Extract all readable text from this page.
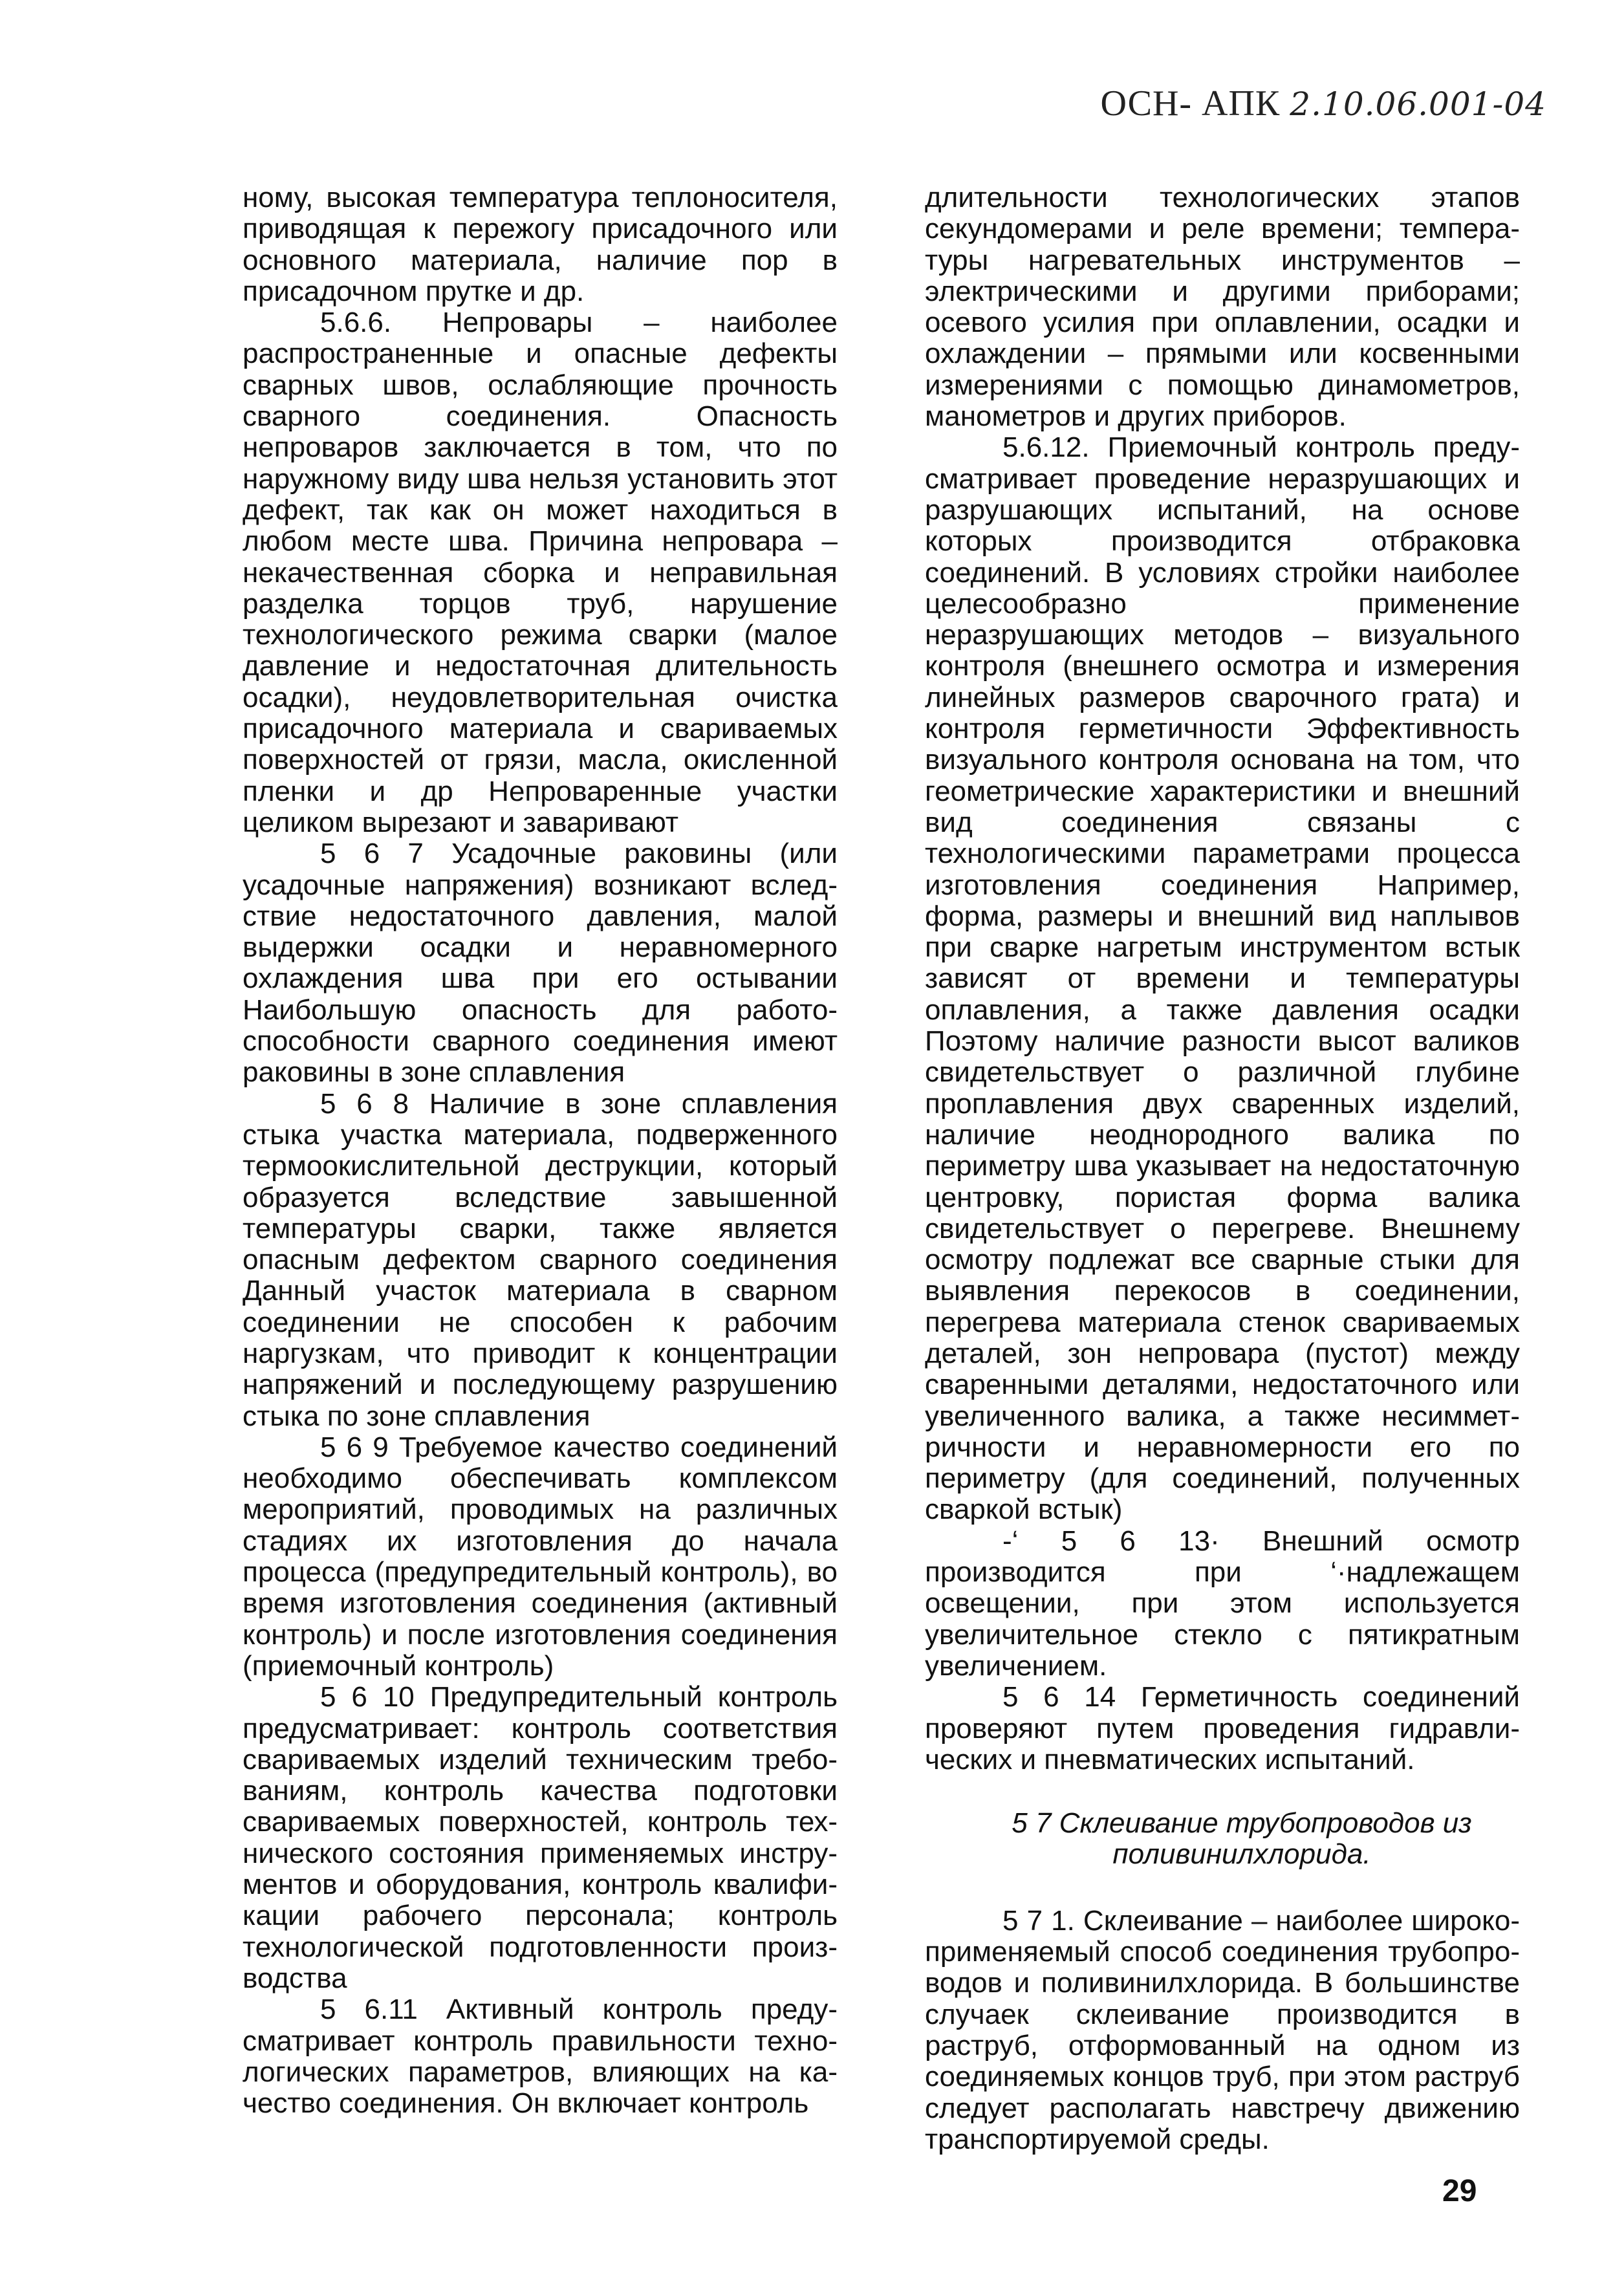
ОСН- АПК 2.10.06.001-04

ному, высокая температура теплоносителя, приводящая к пережогу присадочного или основного материала, наличие пор в присадочном прутке и др.

5.6.6. Непровары – наиболее распространенные и опасные дефекты сварных швов, ослабляющие прочность сварного соединения. Опасность непроваров заключается в том, что по наружному виду шва нельзя установить этот дефект, так как он может находиться в любом месте шва. Причина непровара – некачественная сборка и неправильная разделка торцов труб, нарушение технологического режима сварки (малое давление и недостаточная длительность осадки), неудовлетворительная очистка присадочного материала и свариваемых поверхностей от грязи, масла, окисленной пленки и др Непроваренные участки целиком вырезают и заваривают

5 6 7 Усадочные раковины (или усадочные напряжения) возникают вследствие недостаточного давления, малой выдержки осадки и неравномерного охлаждения шва при его остывании Наибольшую опасность для работоспособности сварного соединения имеют раковины в зоне сплавления

5 6 8 Наличие в зоне сплавления стыка участка материала, подверженного термоокислительной деструкции, который образуется вследствие завышенной температуры сварки, также является опасным дефектом сварного соединения Данный участок материала в сварном соединении не способен к рабочим наргузкам, что приводит к концентрации напряжений и последующему разрушению стыка по зоне сплавления

5 6 9 Требуемое качество соединений необходимо обеспечивать комплексом мероприятий, проводимых на различных стадиях их изготовления до начала процесса (предупредительный контроль), во время изготовления соединения (активный контроль) и после изготовления соединения (приемочный контроль)

5 6 10 Предупредительный контроль предусматривает: контроль соответствия свариваемых изделий техническим требованиям, контроль качества подготовки свариваемых поверхностей, контроль технического состояния применяемых инструментов и оборудования, контроль квалификации рабочего персонала; контроль технологической подготовленности производства

5 6.11 Активный контроль предусматривает контроль правильности технологических параметров, влияющих на качество соединения. Он включает контроль

длительности технологических этапов секундомерами и реле времени; темпера-туры нагревательных инструментов – электрическими и другими приборами; осевого усилия при оплавлении, осадки и охлаждении – прямыми или косвенными измерениями с помощью динамометров, манометров и других приборов.

5.6.12. Приемочный контроль предусматривает проведение неразрушающих и разрушающих испытаний, на основе которых производится отбраковка соединений. В условиях стройки наиболее целесообразно применение неразрушающих методов – визуального контроля (внешнего осмотра и измерения линейных размеров сварочного грата) и контроля герметичности Эффективность визуального контроля основана на том, что геометрические характеристики и внешний вид соединения связаны с технологическими параметрами процесса изготовления соединения Например, форма, размеры и внешний вид наплывов при сварке нагретым инструментом встык зависят от времени и температуры оплавления, а также давления осадки Поэтому наличие разности высот валиков свидетельствует о различной глубине проплавления двух сваренных изделий, наличие неоднородного валика по периметру шва указывает на недостаточную центровку, пористая форма валика свидетельствует о перегреве. Внешнему осмотру подлежат все сварные стыки для выявления перекосов в соединении, перегрева материала стенок свариваемых деталей, зон непровара (пустот) между сваренными деталями, недостаточного или увеличенного валика, а также несимметричности и неравномерности его по периметру (для соединений, полученных сваркой встык)

-‘ 5 6 13· Внешний осмотр производится при ‘·надлежащем освещении, при этом используется увеличительное стекло с пятикратным увеличением.

5 6 14 Герметичность соединений проверяют путем проведения гидравлических и пневматических испытаний.

5 7 Склеивание трубопроводов из поливинилхлорида.

5 7 1. Склеивание – наиболее широкоприменяемый способ соединения трубопроводов и поливинилхлорида. В большинстве случаек склеивание производится в раструб, отформованный на одном из соединяемых концов труб, при этом раструб следует располагать навстречу движению транспортируемой среды.

29
